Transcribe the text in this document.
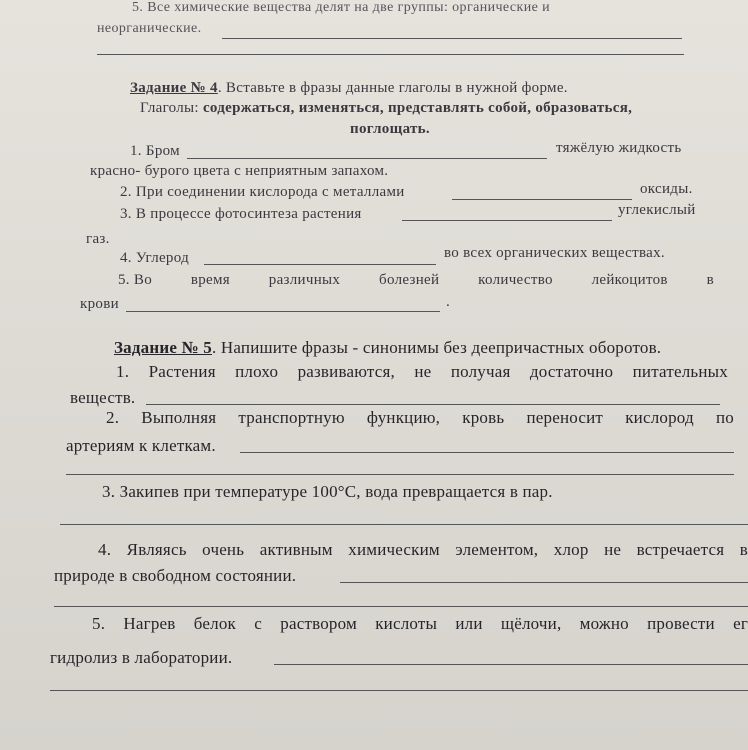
5. Все химические вещества делят на две группы: органические и
неорганические.
Задание № 4. Вставьте в фразы данные глаголы в нужной форме.
Глаголы: содержаться, изменяться, представлять собой, образоваться,
поглощать.
1. Бром	тяжёлую жидкость
красно- бурого цвета с неприятным запахом.
2. При соединении кислорода с металлами	оксиды.
3. В процессе фотосинтеза растения	углекислый
газ.
4. Углерод	во всех органических веществах.
5. Во	время	различных	болезней	количество	лейкоцитов	в
крови	.
Задание № 5. Напишите фразы - синонимы без деепричастных оборотов.
1. Растения плохо развиваются, не получая достаточно питательных
веществ.
2. Выполняя транспортную функцию, кровь переносит кислород по
артериям к клеткам.
3. Закипев при температуре 100°С, вода превращается в пар.
4. Являясь очень активным химическим элементом, хлор не встречается в
природе в свободном состоянии.
5. Нагрев белок с раствором кислоты или щёлочи, можно провести ег
гидролиз в лаборатории.
